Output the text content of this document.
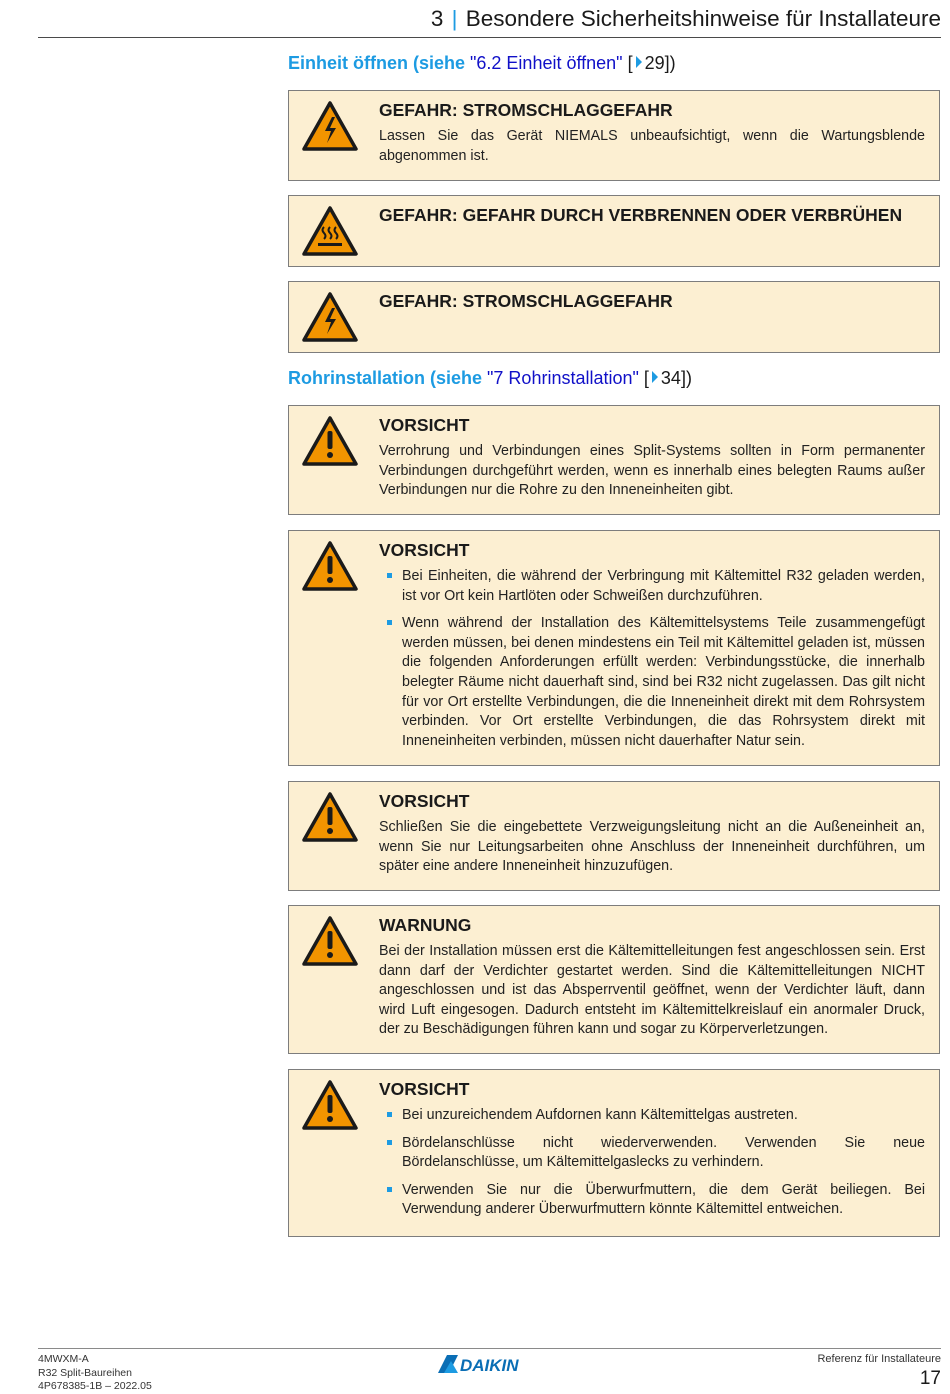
3 | Besondere Sicherheitshinweise für Installateure
Einheit öffnen (siehe "6.2 Einheit öffnen" [ 29])
GEFAHR: STROMSCHLAGGEFAHR

Lassen Sie das Gerät NIEMALS unbeaufsichtigt, wenn die Wartungsblende abgenommen ist.

GEFAHR: GEFAHR DURCH VERBRENNEN ODER VERBRÜHEN
GEFAHR: STROMSCHLAGGEFAHR
Rohrinstallation (siehe "7 Rohrinstallation" [ 34])
VORSICHT

Verrohrung und Verbindungen eines Split-Systems sollten in Form permanenter Verbindungen durchgeführt werden, wenn es innerhalb eines belegten Raums außer Verbindungen nur die Rohre zu den Inneneinheiten gibt.

VORSICHT
Bei Einheiten, die während der Verbringung mit Kältemittel R32 geladen werden, ist vor Ort kein Hartlöten oder Schweißen durchzuführen.
Wenn während der Installation des Kältemittelsystems Teile zusammengefügt werden müssen, bei denen mindestens ein Teil mit Kältemittel geladen ist, müssen die folgenden Anforderungen erfüllt werden: Verbindungsstücke, die innerhalb belegter Räume nicht dauerhaft sind, sind bei R32 nicht zugelassen. Das gilt nicht für vor Ort erstellte Verbindungen, die die Inneneinheit direkt mit dem Rohrsystem verbinden. Vor Ort erstellte Verbindungen, die das Rohrsystem direkt mit Inneneinheiten verbinden, müssen nicht dauerhafter Natur sein.
VORSICHT

Schließen Sie die eingebettete Verzweigungsleitung nicht an die Außeneinheit an, wenn Sie nur Leitungsarbeiten ohne Anschluss der Inneneinheit durchführen, um später eine andere Inneneinheit hinzuzufügen.

WARNUNG

Bei der Installation müssen erst die Kältemittelleitungen fest angeschlossen sein. Erst dann darf der Verdichter gestartet werden. Sind die Kältemittelleitungen NICHT angeschlossen und ist das Absperrventil geöffnet, wenn der Verdichter läuft, dann wird Luft eingesogen. Dadurch entsteht im Kältemittelkreislauf ein anormaler Druck, der zu Beschädigungen führen kann und sogar zu Körperverletzungen.

VORSICHT
Bei unzureichendem Aufdornen kann Kältemittelgas austreten.
Bördelanschlüsse nicht wiederverwenden. Verwenden Sie neue Bördelanschlüsse, um Kältemittelgaslecks zu verhindern.
Verwenden Sie nur die Überwurfmuttern, die dem Gerät beiliegen. Bei Verwendung anderer Überwurfmuttern könnte Kältemittel entweichen.
4MWXM-A
R32 Split-Baureihen
4P678385-1B – 2022.05
DAIKIN	Referenz für Installateure
17
